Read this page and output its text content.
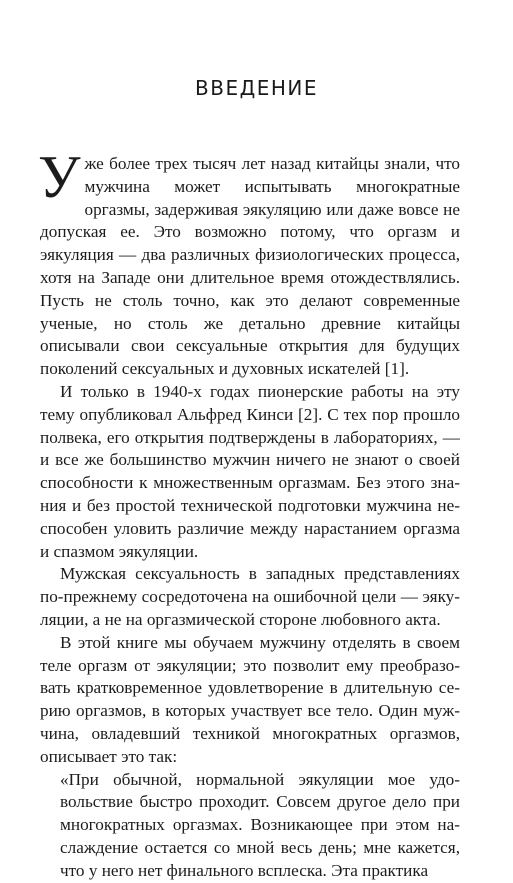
ВВЕДЕНИЕ

Уже более трех тысяч лет назад китайцы знали, что мужчина может испытывать многократные оргазмы, задерживая эякуляцию или даже вовсе не допуская ее. Это возможно потому, что оргазм и эякуляция — два различных физиологических процесса, хотя на Западе они длительное время отождествлялись. Пусть не столь точно, как это делают современные ученые, но столь же детально древние китайцы описывали свои сексуальные открытия для будущих поколений сексуальных и духовных искателей [1].

И только в 1940-х годах пионерские работы на эту тему опубликовал Альфред Кинси [2]. С тех пор прошло полвека, его открытия подтверждены в лабораториях, — и все же большинство мужчин ничего не знают о своей способности к множественным оргазмам. Без этого знания и без простой технической подготовки мужчина неспособен уловить различие между нарастанием оргазма и спазмом эякуляции.

Мужская сексуальность в западных представлениях по-прежнему сосредоточена на ошибочной цели — эякуляции, а не на оргазмической стороне любовного акта.

В этой книге мы обучаем мужчину отделять в своем теле оргазм от эякуляции; это позволит ему преобразовать кратковременное удовлетворение в длительную серию оргазмов, в которых участвует все тело. Один мужчина, овладевший техникой многократных оргазмов, описывает это так:

«При обычной, нормальной эякуляции мое удовольствие быстро проходит. Совсем другое дело при многократных оргазмах. Возникающее при этом наслаждение остается со мной весь день; мне кажется, что у него нет финального всплеска. Эта практика
